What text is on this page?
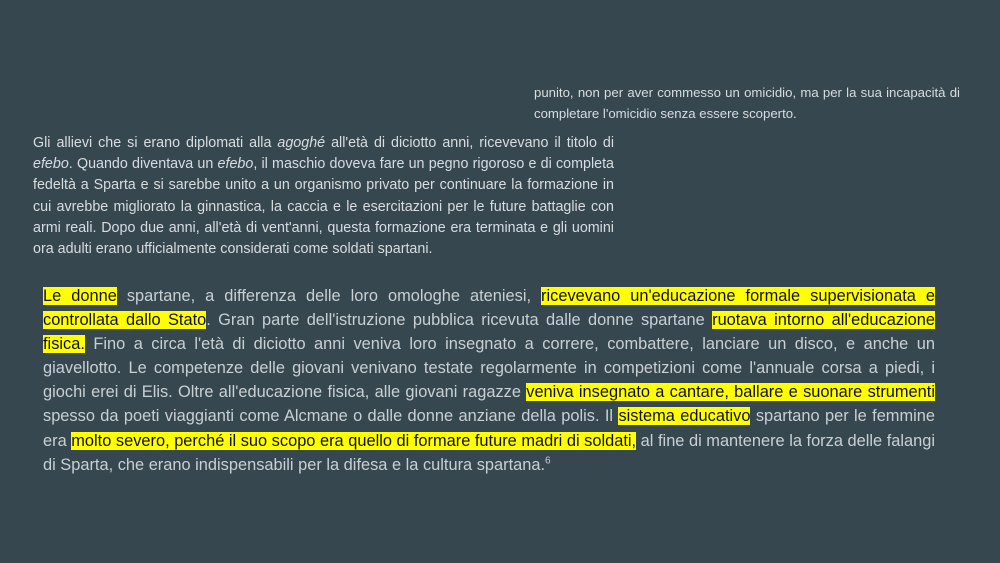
punito, non per aver commesso un omicidio, ma per la sua incapacità di completare l'omicidio senza essere scoperto.

Gli allievi che si erano diplomati alla agoghé all'età di diciotto anni, ricevevano il titolo di efebo. Quando diventava un efebo, il maschio doveva fare un pegno rigoroso e di completa fedeltà a Sparta e si sarebbe unito a un organismo privato per continuare la formazione in cui avrebbe migliorato la ginnastica, la caccia e le esercitazioni per le future battaglie con armi reali. Dopo due anni, all'età di vent'anni, questa formazione era terminata e gli uomini ora adulti erano ufficialmente considerati come soldati spartani.

Le donne spartane, a differenza delle loro omologhe ateniesi, ricevevano un'educazione formale supervisionata e controllata dallo Stato. Gran parte dell'istruzione pubblica ricevuta dalle donne spartane ruotava intorno all'educazione fisica. Fino a circa l'età di diciotto anni veniva loro insegnato a correre, combattere, lanciare un disco, e anche un giavellotto. Le competenze delle giovani venivano testate regolarmente in competizioni come l'annuale corsa a piedi, i giochi erei di Elis. Oltre all'educazione fisica, alle giovani ragazze veniva insegnato a cantare, ballare e suonare strumenti spesso da poeti viaggianti come Alcmane o dalle donne anziane della polis. Il sistema educativo spartano per le femmine era molto severo, perché il suo scopo era quello di formare future madri di soldati, al fine di mantenere la forza delle falangi di Sparta, che erano indispensabili per la difesa e la cultura spartana.$^6$
